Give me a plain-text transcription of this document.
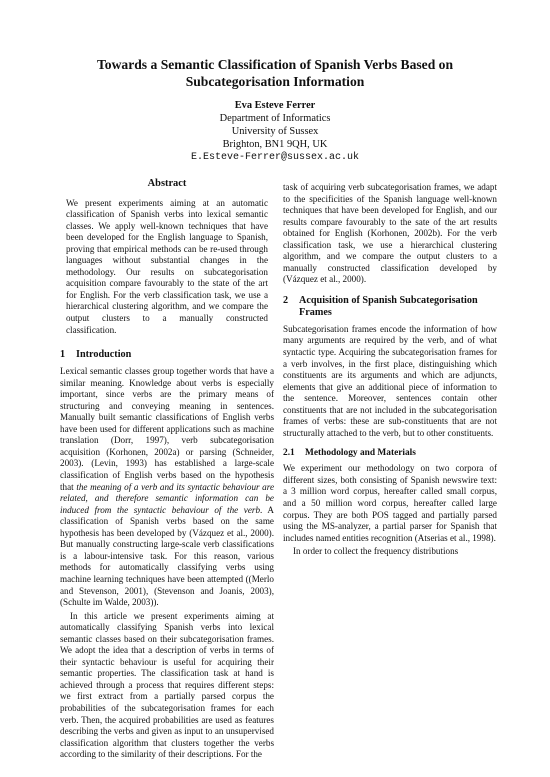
Towards a Semantic Classification of Spanish Verbs Based on
Subcategorisation Information
Eva Esteve Ferrer
Department of Informatics
University of Sussex
Brighton, BN1 9QH, UK
E.Esteve-Ferrer@sussex.ac.uk
Abstract

We present experiments aiming at an automatic classification of Spanish verbs into lexical semantic classes. We apply well-known techniques that have been developed for the English language to Spanish, proving that empirical methods can be re-used through languages without substantial changes in the methodology. Our results on subcategorisation acquisition compare favourably to the state of the art for English. For the verb classification task, we use a hierarchical clustering algorithm, and we compare the output clusters to a manually constructed classification.

1 Introduction

Lexical semantic classes group together words that have a similar meaning. Knowledge about verbs is especially important, since verbs are the primary means of structuring and conveying meaning in sentences. Manually built semantic classifications of English verbs have been used for different applications such as machine translation (Dorr, 1997), verb subcategorisation acquisition (Korhonen, 2002a) or parsing (Schneider, 2003). (Levin, 1993) has established a large-scale classification of English verbs based on the hypothesis that the meaning of a verb and its syntactic behaviour are related, and therefore semantic information can be induced from the syntactic behaviour of the verb. A classification of Spanish verbs based on the same hypothesis has been developed by (Vázquez et al., 2000). But manually constructing large-scale verb classifications is a labour-intensive task. For this reason, various methods for automatically classifying verbs using machine learning techniques have been attempted ((Merlo and Stevenson, 2001), (Stevenson and Joanis, 2003), (Schulte im Walde, 2003)).

In this article we present experiments aiming at automatically classifying Spanish verbs into lexical semantic classes based on their subcategorisation frames. We adopt the idea that a description of verbs in terms of their syntactic behaviour is useful for acquiring their semantic properties. The classification task at hand is achieved through a process that requires different steps: we first extract from a partially parsed corpus the probabilities of the subcategorisation frames for each verb. Then, the acquired probabilities are used as features describing the verbs and given as input to an unsupervised classification algorithm that clusters together the verbs according to the similarity of their descriptions. For the

task of acquiring verb subcategorisation frames, we adapt to the specificities of the Spanish language well-known techniques that have been developed for English, and our results compare favourably to the sate of the art results obtained for English (Korhonen, 2002b). For the verb classification task, we use a hierarchical clustering algorithm, and we compare the output clusters to a manually constructed classification developed by (Vázquez et al., 2000).

2	Acquisition of Spanish Subcategorisation Frames

Subcategorisation frames encode the information of how many arguments are required by the verb, and of what syntactic type. Acquiring the subcategorisation frames for a verb involves, in the first place, distinguishing which constituents are its arguments and which are adjuncts, elements that give an additional piece of information to the sentence. Moreover, sentences contain other constituents that are not included in the subcategorisation frames of verbs: these are sub-constituents that are not structurally attached to the verb, but to other constituents.

2.1 Methodology and Materials

We experiment our methodology on two corpora of different sizes, both consisting of Spanish newswire text: a 3 million word corpus, hereafter called small corpus, and a 50 million word corpus, hereafter called large corpus. They are both POS tagged and partially parsed using the MS-analyzer, a partial parser for Spanish that includes named entities recognition (Atserias et al., 1998).

In order to collect the frequency distributions
